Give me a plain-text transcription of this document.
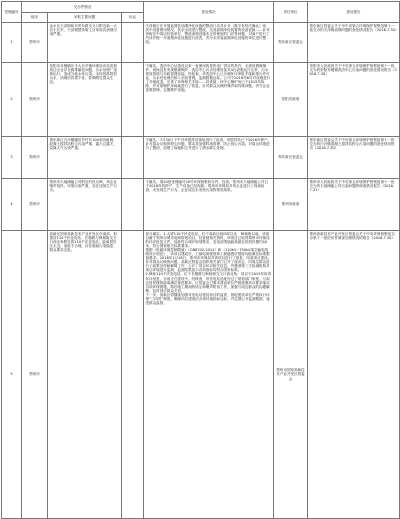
受理编号	交办件情况			查处情况	责任单位	查处报告
	地市	举报主要问题	标记			
1	郑州市	金水区天泽街和东风东路交叉口附近新一大农小区东，天泽街整条街上百家饭店油烟污染严重。		天泽街正在开展盐餐饮油烟净化设施的整治门店共计多（数字有待次确认）家，其中设备使用情况，其余全部进行整改，完成油烟净化装置的设备更换……针对该街区中饭店经营单位，整改油烟设施未正常使用的门店等问题，对商户进行了约谈并统一对油烟净化设施进行清洗，责令未安装油烟净化设施的单位进行整改。	郑东新区管委会	郑东新区管委会关于市中央第五环境保护督察组第十一批交办的天泽街油烟问题的查处情况报告（2016.7.30）
2	郑州市	荥阳市乔楼镇东半大东乡镇环保局布局发展周边企业存在偷排偷放问题，污水处理厂违规运行，造成当地水体污染，未经批准排放污水，治理后效果不佳，影响附近群众生活。		不属实。洗浴中心从建设以来一直使用的是热电厂供应的蒸汽，无需用燃煤锅炉。现场没有发现燃煤锅炉。洗浴中心污水处理设备共4台设施运行正常，污水排放管道与市政管网连接。经检查，该洗浴中心已办理环评审批手续和排污许可证，污水经处理后排入市政管网，监测数据达标。公司于2016年6月对设施进行了升级改造，完善了环保相关手续……经查阅，该中心锅炉房已于2015年拆除，并对原锅炉房场地进行了恢复。针对群众反映的噪声和异味问题，责令企业加强管理，定期维护设施。	荥阳市政府	荥阳市人民政府关于中央第五环境保护督察组第十一批交办的荥阳乔楼镇洗浴中心污染问题的查处情况报告（2016.7.30）
3	郑州市	郑东新区白沙镇圃田乡村东100米西南侧，混凝土搅拌站粉尘污染严重，露天且露天，烧煤大气污染严重。		不属实。7月30日下午对该搅拌站现场进行了检查，该搅拌站已于2016年停产。针对群众反映的粉尘问题，要求其加强料场管理，防止扬尘污染。对周边环境进行了整治，清理了场地积尘并进行了洒水降尘处理。	郑东新区管委会	郑东新区管委会关于中央第五环境保护督察组第十一批交办的白沙镇混凝土搅拌站粉尘污染问题的查处情况报告（2016.7.30）
4	郑州市	郑州市天地储能公司附近村民反映，该企业噪声扰民，环境污染严重，存在违规生产行为。		不属实。第20批受理编号20号环保督察转办件，经查，郑州市天地储能公司已于2016年初停产，生产设备已经拆除。郑州市环保局对该企业进行了现场检查，未发现生产行为，企业周边未发现污染物排放现象。	郑州市政府	郑州市人民政府关于中央第五环境保护督察组第十一批交办的天地储能公司污染问题的调查情况报告（2016.7.31）
5	郑州市	高新区国家高新技术产业开发区东南部，拟建设110千伏变电站；长椿路与枫杨街交叉口西北角附近的110千伏变电站，距离居民区太近，选址不合理，存在辐射污染隐患，群众要求迁址。		部分属实。1.大望110千伏变电站。位于高新区西四环以北、枫杨街以南。该项目属于郑州市城市电网规划项目。经查阅相关资料，该项目已取得郑州市环保局的环评批复文件，选址符合城乡规划要求，变电站围墙距离最近的居民楼约40米，符合国家相关标准要求。
根据《电磁环境控制限值》（GB8702-2014）和《110kV~750kV架空输电线路设计规范》，该项目建成后，工频电场强度和工频磁感应强度均能满足标准限值要求。2016年1月18日，郑州市环保局对该项目进行了批复，同意项目建设。
针对群众反映的问题，高新区管委会组织相关部门召开了座谈会，向周边群众进行了政策宣传和解释工作，公开了项目环评相关信息，并邀请第三方检测机构对周边环境进行监测，监测结果显示各项指标均符合国家标准。
2.枫杨110千伏变电站。位于长椿路与枫杨街交叉口西北角，项目于2015年取得环评批复，目前正在建设中。经核查，该变电站选址经过了规划部门审批，与周边居民楼的距离满足规范要求。区管委会已要求建设单位严格按照环评要求落实各项环保措施，做好施工期间的扬尘和噪声防治工作，加强与周边群众的沟通解释，及时回应群众关切。
下一步，高新区将继续加强对变电站建设项目的监管，督促建设单位严格执行环保“三同时”制度，确保项目建成后各项环境指标达标，并定期公开监测数据，接受群众监督。	郑州市国家高新技术产业开发区管委会	郑州高新技术产业开发区管委会关于中央环保督察组交办第十一批信访件调查处理情况的报告（2016.7.30）
